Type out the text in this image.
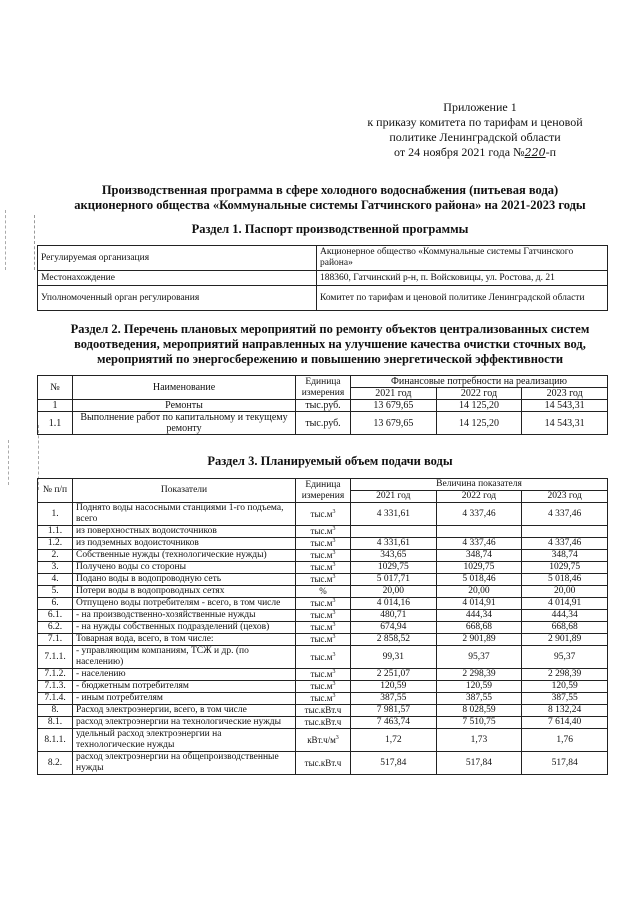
Приложение 1
к приказу комитета по тарифам и ценовой
политике Ленинградской области
от 24 ноября 2021 года №220-п
Производственная программа в сфере холодного водоснабжения (питьевая вода)
акционерного общества «Коммунальные системы Гатчинского района» на 2021-2023 годы
Раздел 1. Паспорт производственной программы
Регулируемая организация	Акционерное общество «Коммунальные системы Гатчинского района»
Местонахождение	188360, Гатчинский р-н, п. Войсковицы, ул. Ростова, д. 21
Уполномоченный орган регулирования	Комитет по тарифам и ценовой политике Ленинградской области
Раздел 2. Перечень плановых мероприятий по ремонту объектов централизованных систем
водоотведения, мероприятий направленных на улучшение качества очистки сточных вод,
мероприятий по энергосбережению и повышению энергетической эффективности
№	Наименование	Единица измерения	Финансовые потребности на реализацию		
			2021 год	2022 год	2023 год
1	Ремонты	тыс.руб.	13 679,65	14 125,20	14 543,31
1.1	Выполнение работ по капитальному и текущему ремонту	тыс.руб.	13 679,65	14 125,20	14 543,31
Раздел 3. Планируемый объем подачи воды
№ п/п	Показатели	Единица измерения	Величина показателя		
			2021 год	2022 год	2023 год
1.	Поднято воды насосными станциями 1-го подъема, всего	$тыс.м^3$	4 331,61	4 337,46	4 337,46
1.1.	из поверхностных водоисточников	$тыс.м^3$			
1.2.	из подземных водоисточников	$тыс.м^3$	4 331,61	4 337,46	4 337,46
2.	Собственные нужды (технологические нужды)	$тыс.м^3$	343,65	348,74	348,74
3.	Получено воды со стороны	$тыс.м^3$	1029,75	1029,75	1029,75
4.	Подано воды в водопроводную сеть	$тыс.м^3$	5 017,71	5 018,46	5 018,46
5.	Потери воды в водопроводных сетях	%	20,00	20,00	20,00
6.	Отпущено воды потребителям - всего, в том числе	$тыс.м^3$	4 014,16	4 014,91	4 014,91
6.1.	- на производственно-хозяйственные нужды	$тыс.м^3$	480,71	444,34	444,34
6.2.	- на нужды собственных подразделений (цехов)	$тыс.м^3$	674,94	668,68	668,68
7.1.	Товарная вода, всего, в том числе:	$тыс.м^3$	2 858,52	2 901,89	2 901,89
7.1.1.	- управляющим компаниям, ТСЖ и др. (по населению)	$тыс.м^3$	99,31	95,37	95,37
7.1.2.	- населению	$тыс.м^3$	2 251,07	2 298,39	2 298,39
7.1.3.	- бюджетным потребителям	$тыс.м^3$	120,59	120,59	120,59
7.1.4.	- иным потребителям	$тыс.м^3$	387,55	387,55	387,55
8.	Расход электроэнергии, всего, в том числе	тыс.кВт.ч	7 981,57	8 028,59	8 132,24
8.1.	расход электроэнергии на технологические нужды	тыс.кВт.ч	7 463,74	7 510,75	7 614,40
8.1.1.	удельный расход электроэнергии на технологические нужды	$кВт.ч/м^3$	1,72	1,73	1,76
8.2.	расход электроэнергии на общепроизводственные нужды	тыс.кВт.ч	517,84	517,84	517,84
